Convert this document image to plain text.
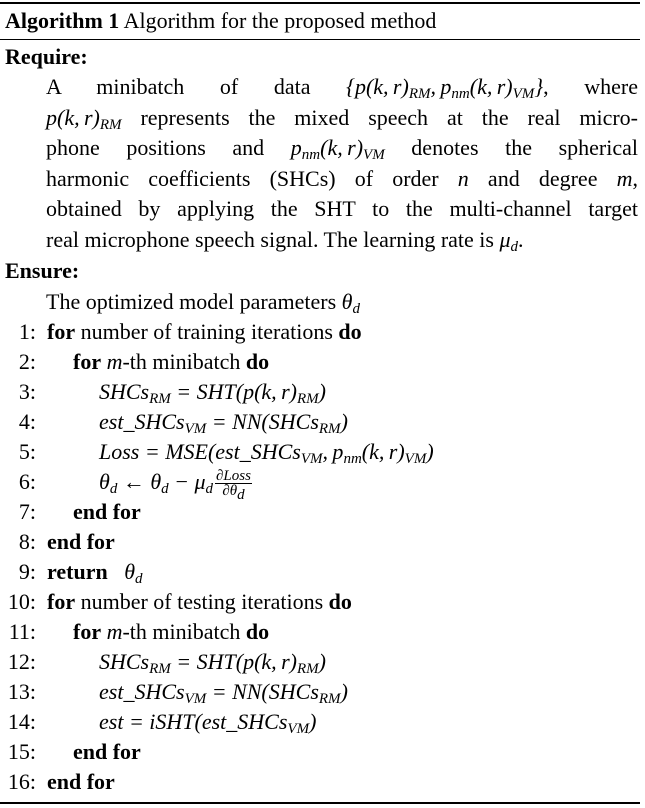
Algorithm 1 Algorithm for the proposed method
Require:
A minibatch of data {p(k, $r)_{RM}$, $p_{nm}(k$, $r)_{VM}$}, where
p(k, $r)_{RM}$ represents the mixed speech at the real micro-
phone positions and $p_{nm}(k$, $r)_{VM}$ denotes the spherical
harmonic coefficients (SHCs) of order n and degree m,
obtained by applying the SHT to the multi-channel target
real microphone speech signal. The learning rate is $\mu_d$.
Ensure:
The optimized model parameters $\theta_d$
1: for number of training iterations do
2: for m-th minibatch do
3:	SHCs$_{RM}$ = SHT(p(k, $r)_{RM}$)
4:	est_SHCs$_{VM}$ = NN(SHCs$_{RM}$)
5:	Loss = MSE(est_SHCs$_{VM}$, $p_{nm}(k$, $r)_{VM}$)
6:	$\theta_d$ ← $\theta_d - \mu_d \frac{\text{∂Loss}}{\partial\theta_d}$
7: end for
8: end for
9: return   $\theta_d$
10: for number of testing iterations do
11: for m-th minibatch do
12:	SHCs$_{RM}$ = SHT(p(k, $r)_{RM}$)
13:	est_SHCs$_{VM}$ = NN(SHCs$_{RM}$)
14:	est = iSHT(est_SHCs$_{VM}$)
15: end for
16: end for
